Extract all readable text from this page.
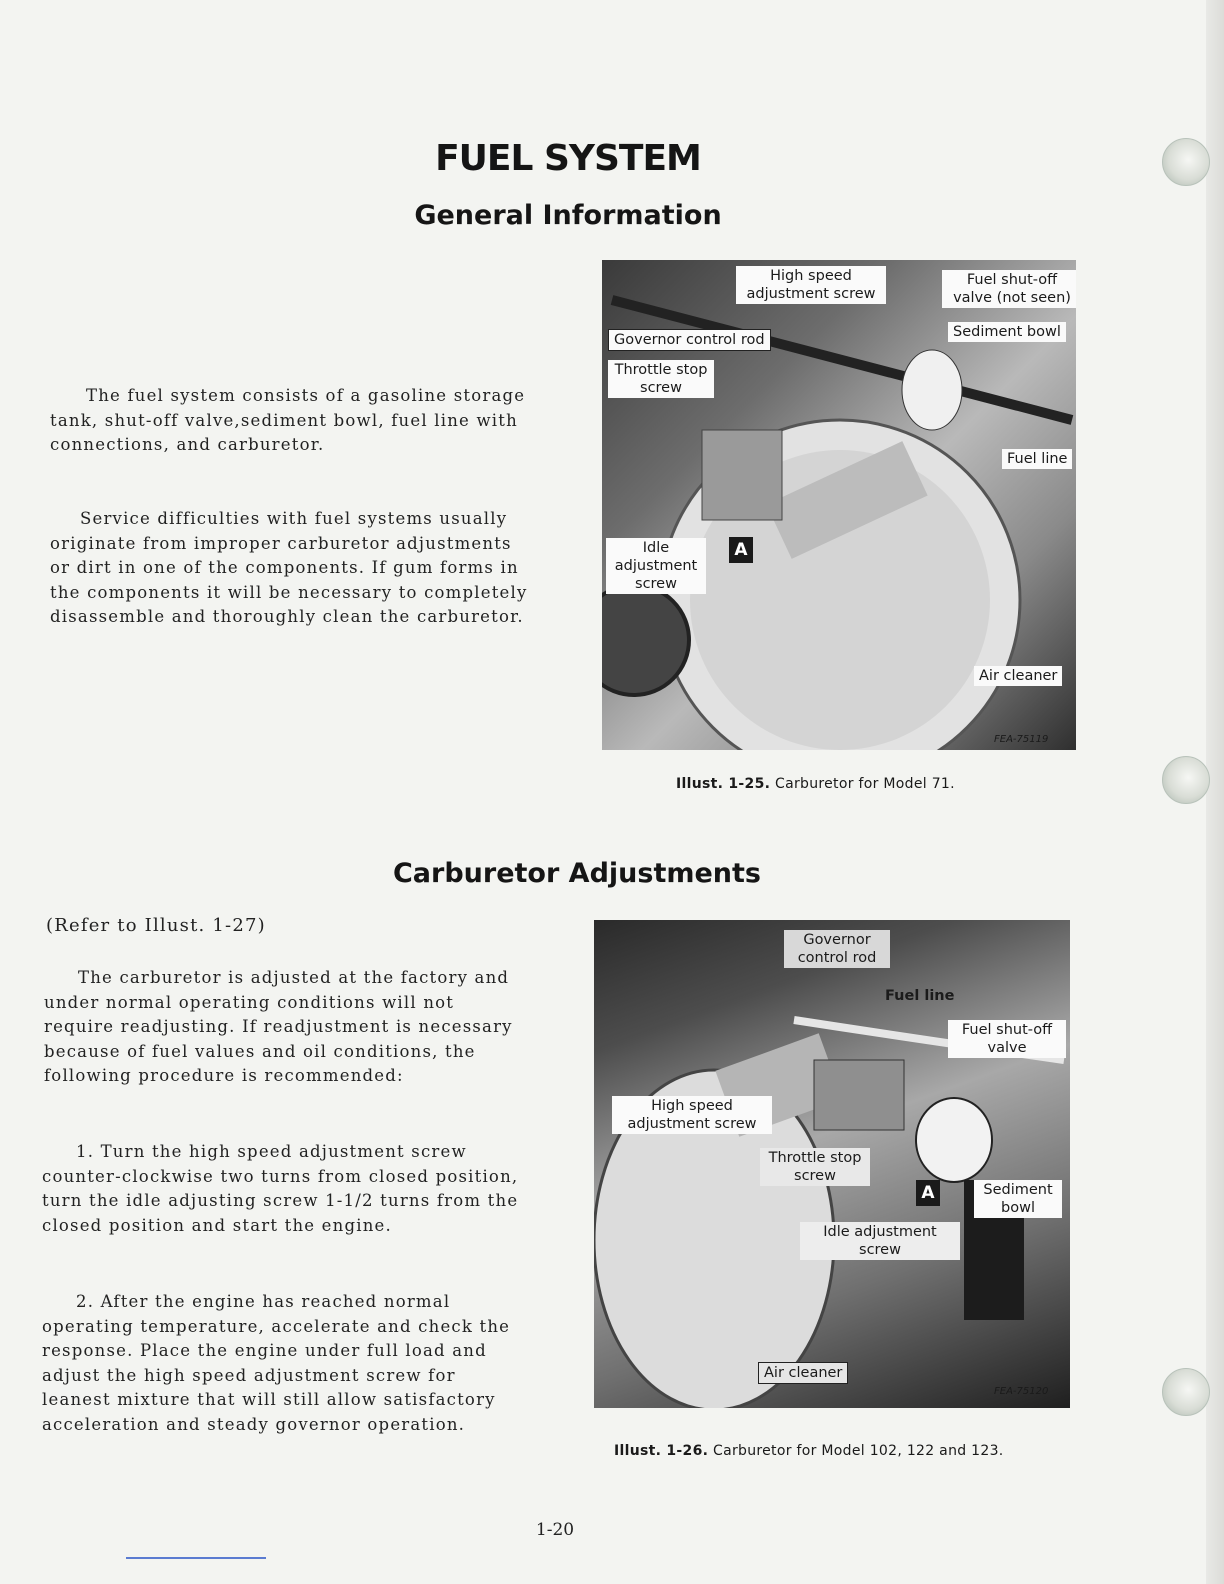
FUEL SYSTEM
General Information

The fuel system consists of a gasoline storage tank, shut-off valve,sediment bowl, fuel line with connections, and carburetor.

Service difficulties with fuel systems usually originate from improper carburetor adjustments or dirt in one of the components. If gum forms in the components it will be necessary to completely disassemble and thoroughly clean the carburetor.

High speed adjustment screw
Fuel shut-off valve (not seen)
Sediment bowl
Governor control rod
Throttle stop screw
Fuel line
Idle adjustment screw
A
Air cleaner
FEA-75119
Illust. 1-25. Carburetor for Model 71.
Carburetor Adjustments

(Refer to Illust. 1-27)

The carburetor is adjusted at the factory and under normal operating conditions will not require readjusting. If readjustment is necessary because of fuel values and oil conditions, the following procedure is recommended:

1. Turn the high speed adjustment screw counter-clockwise two turns from closed position, turn the idle adjusting screw 1-1/2 turns from the closed position and start the engine.

2. After the engine has reached normal operating temperature, accelerate and check the response. Place the engine under full load and adjust the high speed adjustment screw for leanest mixture that will still allow satisfactory acceleration and steady governor operation.

Governor control rod
Fuel line
Fuel shut-off valve
High speed adjustment screw
Throttle stop screw
A	Sediment bowl
Idle adjustment screw
Air cleaner
FEA-75120
Illust. 1-26. Carburetor for Model 102, 122 and 123.
1-20
